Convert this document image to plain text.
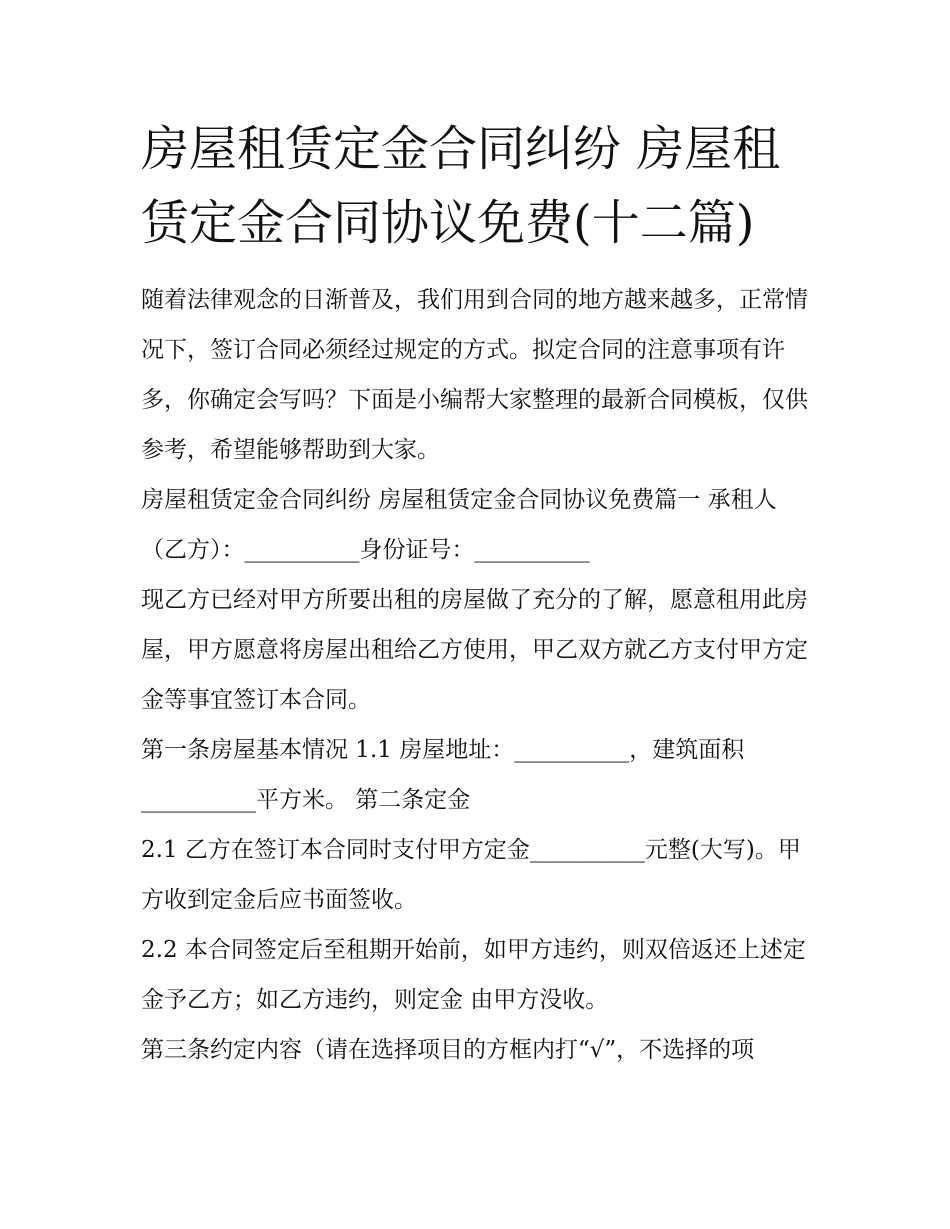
房屋租赁定金合同纠纷 房屋租赁定金合同协议免费(十二篇)

随着法律观念的日渐普及，我们用到合同的地方越来越多，正常情况下，签订合同必须经过规定的方式。拟定合同的注意事项有许多，你确定会写吗？下面是小编帮大家整理的最新合同模板，仅供参考，希望能够帮助到大家。

房屋租赁定金合同纠纷 房屋租赁定金合同协议免费篇一 承租人（乙方）：__________身份证号：__________

现乙方已经对甲方所要出租的房屋做了充分的了解，愿意租用此房屋，甲方愿意将房屋出租给乙方使用，甲乙双方就乙方支付甲方定金等事宜签订本合同。

第一条房屋基本情况 1.1 房屋地址：__________，建筑面积__________平方米。 第二条定金

2.1 乙方在签订本合同时支付甲方定金__________元整(大写)。甲方收到定金后应书面签收。

2.2 本合同签定后至租期开始前，如甲方违约，则双倍返还上述定金予乙方；如乙方违约，则定金 由甲方没收。

第三条约定内容（请在选择项目的方框内打“√”，不选择的项
